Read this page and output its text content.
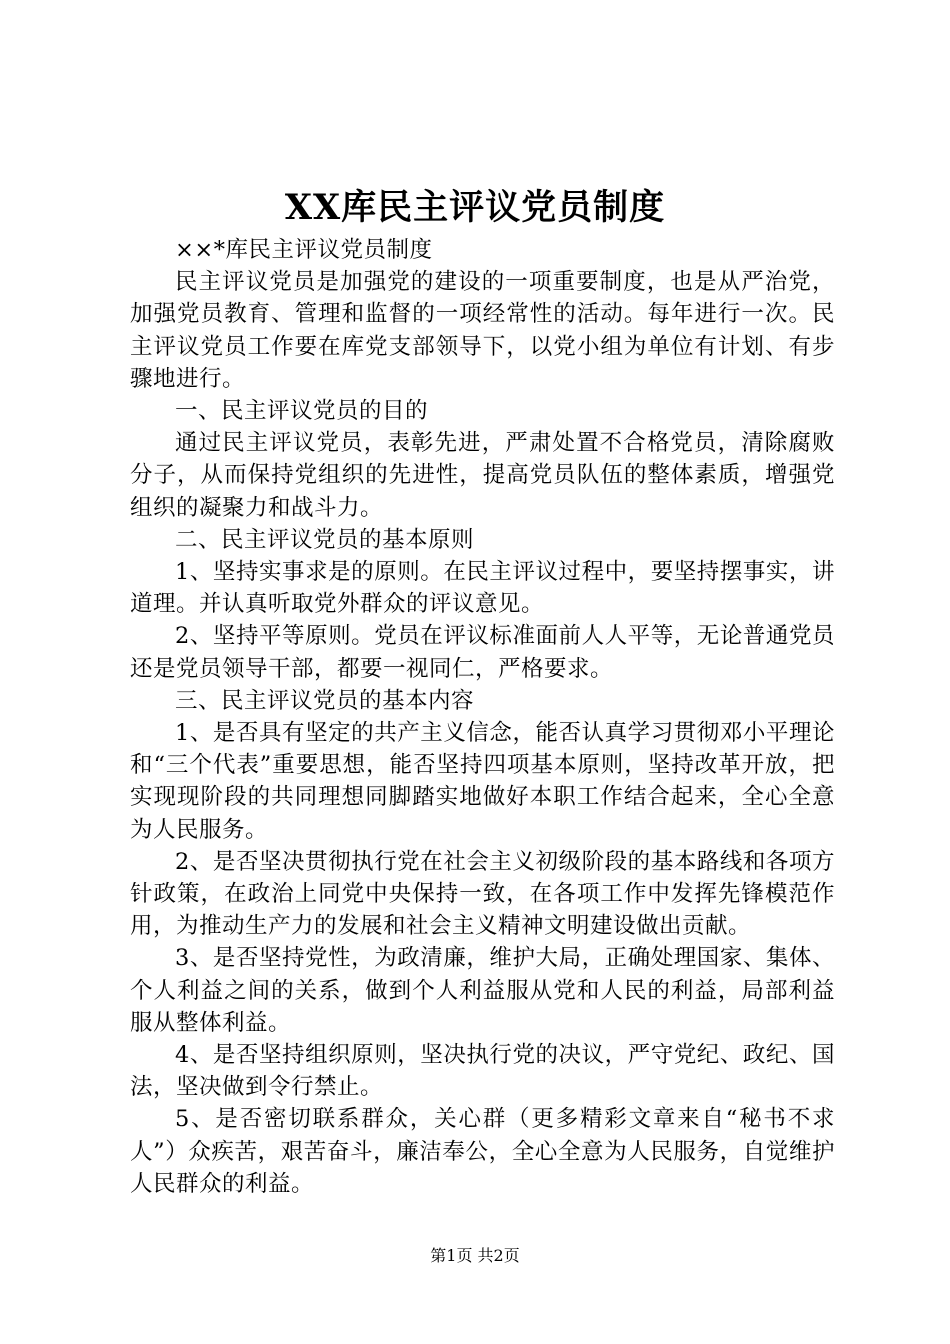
XX库民主评议党员制度

××*库民主评议党员制度

民主评议党员是加强党的建设的一项重要制度，也是从严治党，加强党员教育、管理和监督的一项经常性的活动。每年进行一次。民主评议党员工作要在库党支部领导下，以党小组为单位有计划、有步骤地进行。

一、民主评议党员的目的

通过民主评议党员，表彰先进，严肃处置不合格党员，清除腐败分子，从而保持党组织的先进性，提高党员队伍的整体素质，增强党组织的凝聚力和战斗力。

二、民主评议党员的基本原则

1、坚持实事求是的原则。在民主评议过程中，要坚持摆事实，讲道理。并认真听取党外群众的评议意见。

2、坚持平等原则。党员在评议标准面前人人平等，无论普通党员还是党员领导干部，都要一视同仁，严格要求。

三、民主评议党员的基本内容

1、是否具有坚定的共产主义信念，能否认真学习贯彻邓小平理论和“三个代表”重要思想，能否坚持四项基本原则，坚持改革开放，把实现现阶段的共同理想同脚踏实地做好本职工作结合起来，全心全意为人民服务。

2、是否坚决贯彻执行党在社会主义初级阶段的基本路线和各项方针政策，在政治上同党中央保持一致，在各项工作中发挥先锋模范作用，为推动生产力的发展和社会主义精神文明建设做出贡献。

3、是否坚持党性，为政清廉，维护大局，正确处理国家、集体、个人利益之间的关系，做到个人利益服从党和人民的利益，局部利益服从整体利益。

4、是否坚持组织原则，坚决执行党的决议，严守党纪、政纪、国法，坚决做到令行禁止。

5、是否密切联系群众，关心群（更多精彩文章来自“秘书不求人”）众疾苦，艰苦奋斗，廉洁奉公，全心全意为人民服务，自觉维护人民群众的利益。

第1页 共2页
